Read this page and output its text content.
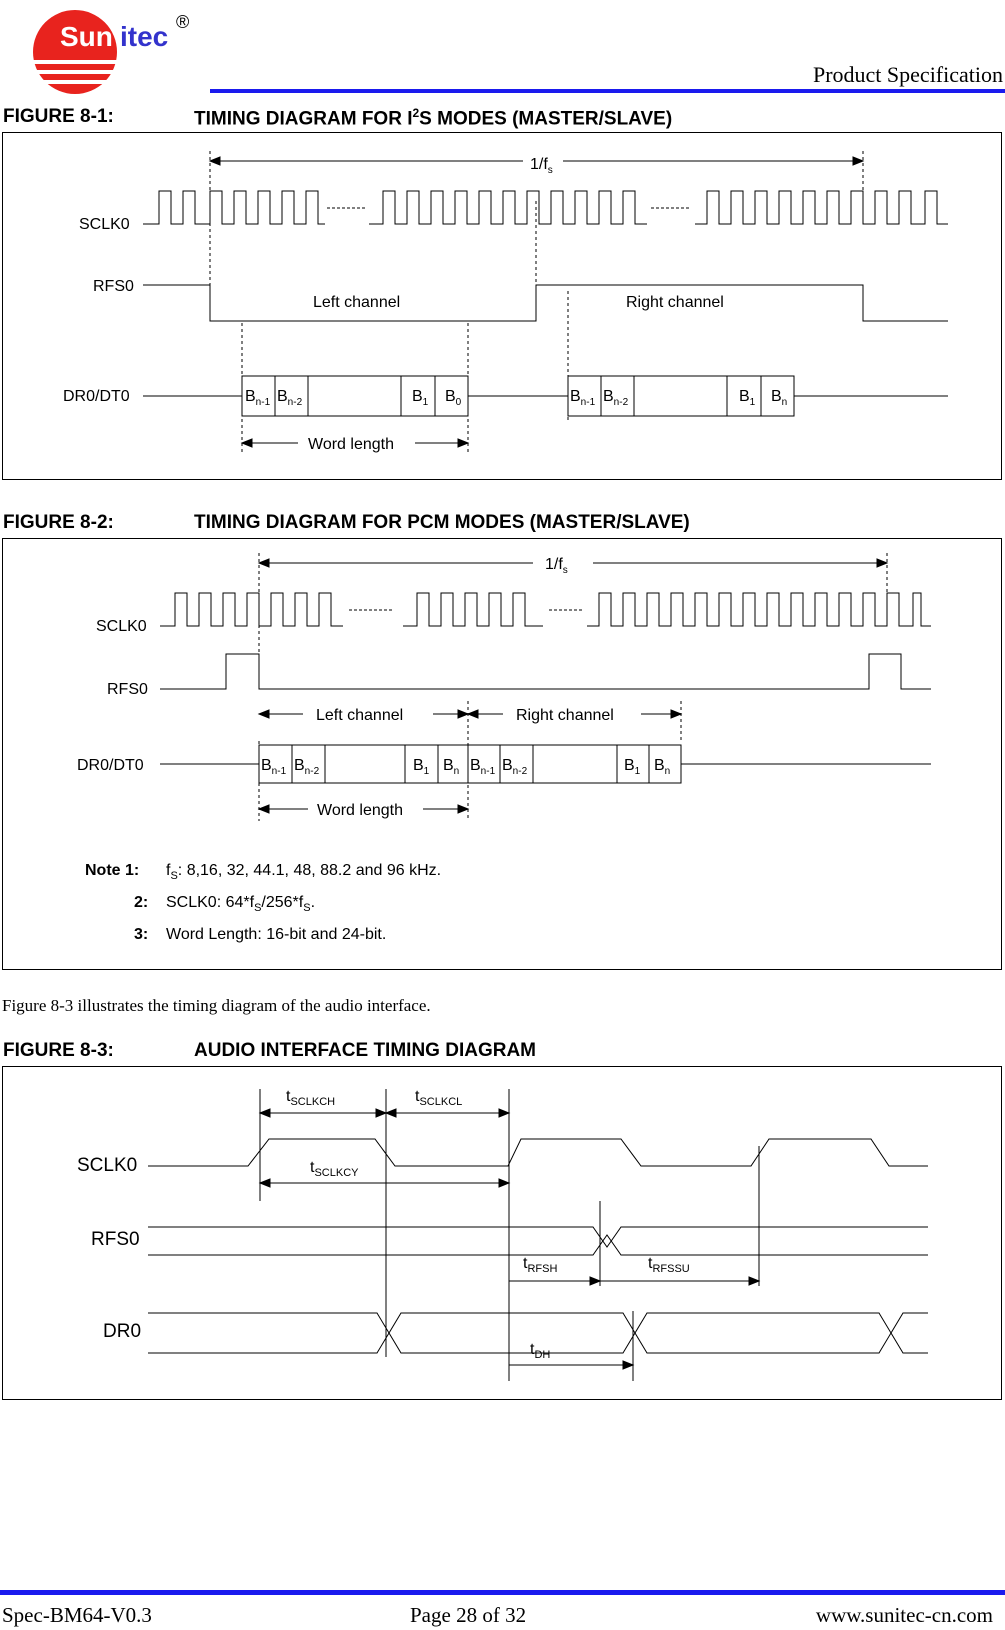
Sun itec ®
Product Specification
FIGURE 8-1:	TIMING DIAGRAM FOR $I^2S$ MODES (MASTER/SLAVE)
$1/f_s$
SCLK0
RFS0
DR0/DT0
Left channel	Right channel
Word length
$B_{n-1}$ $B_{n-2}$	$B_1$ $B_0$	$B_{n-1}$ $B_{n-2}$	$B_1$ $B_n$
FIGURE 8-2:	TIMING DIAGRAM FOR PCM MODES (MASTER/SLAVE)
$1/f_s$
SCLK0
RFS0
DR0/DT0
Left channel	Right channel
Word length
$B_{n-1}$ $B_{n-2}$	$B_1$ $B_n$ $B_{n-1}$ $B_{n-2}$	$B_1$ $B_n$
Note 1: $f_S$: 8,16, 32, 44.1, 48, 88.2 and 96 kHz.
2: SCLK0: $64*f_S/256*f_S$.
3: Word Length: 16-bit and 24-bit.
Figure 8-3 illustrates the timing diagram of the audio interface.
FIGURE 8-3:	AUDIO INTERFACE TIMING DIAGRAM
SCLK0
RFS0
DR0
$t_{SCLKCH}$	$t_{SCLKCL}$
$t_{SCLKCY}$
$t_{RFSH}$	$t_{RFSSU}$
$t_{DH}$
Spec-BM64-V0.3	Page 28 of 32	www.sunitec-cn.com
